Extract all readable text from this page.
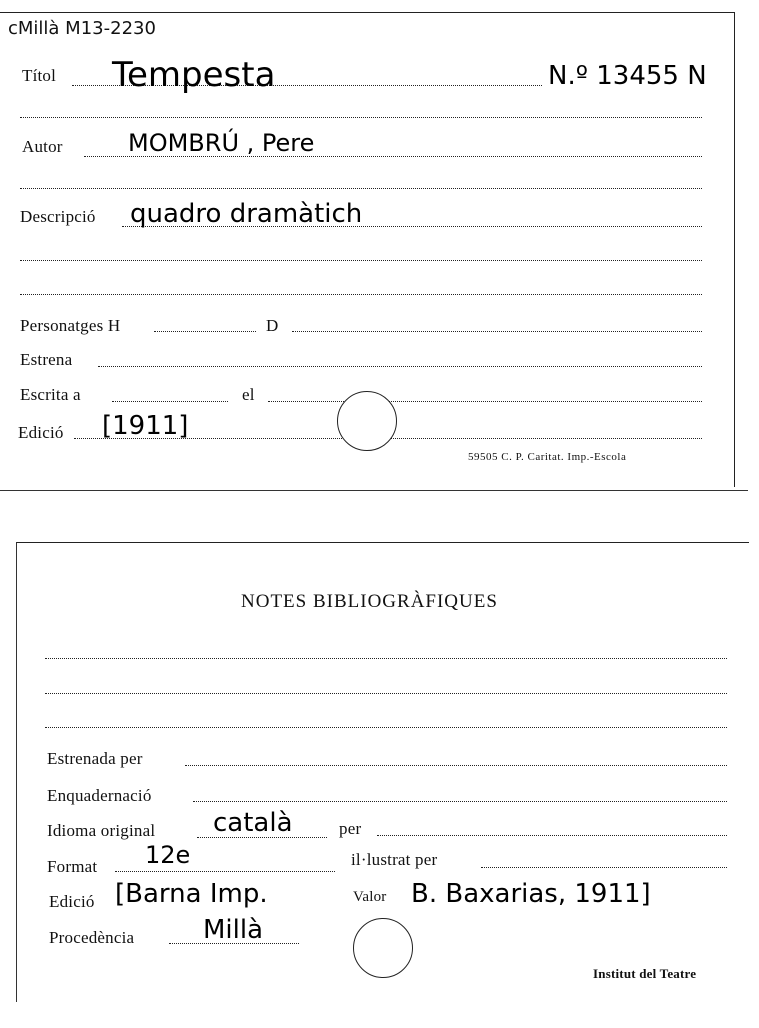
cMillà M13-2230
Títol Tempesta	N.º 13455 N
Autor	MOMBRÚ , Pere
Descripció quadro dramàtich
Personatges H	D
Estrena
Escrita a	el
Edició [1911]
59505 C. P. Caritat. Imp.-Escola
NOTES BIBLIOGRÀFIQUES
Estrenada per
Enquadernació
Idioma original català	per
Format 12e	il·lustrat per
Edició [Barna Imp.	Valor B. Baxarias, 1911]
Procedència	Millà
Institut del Teatre
